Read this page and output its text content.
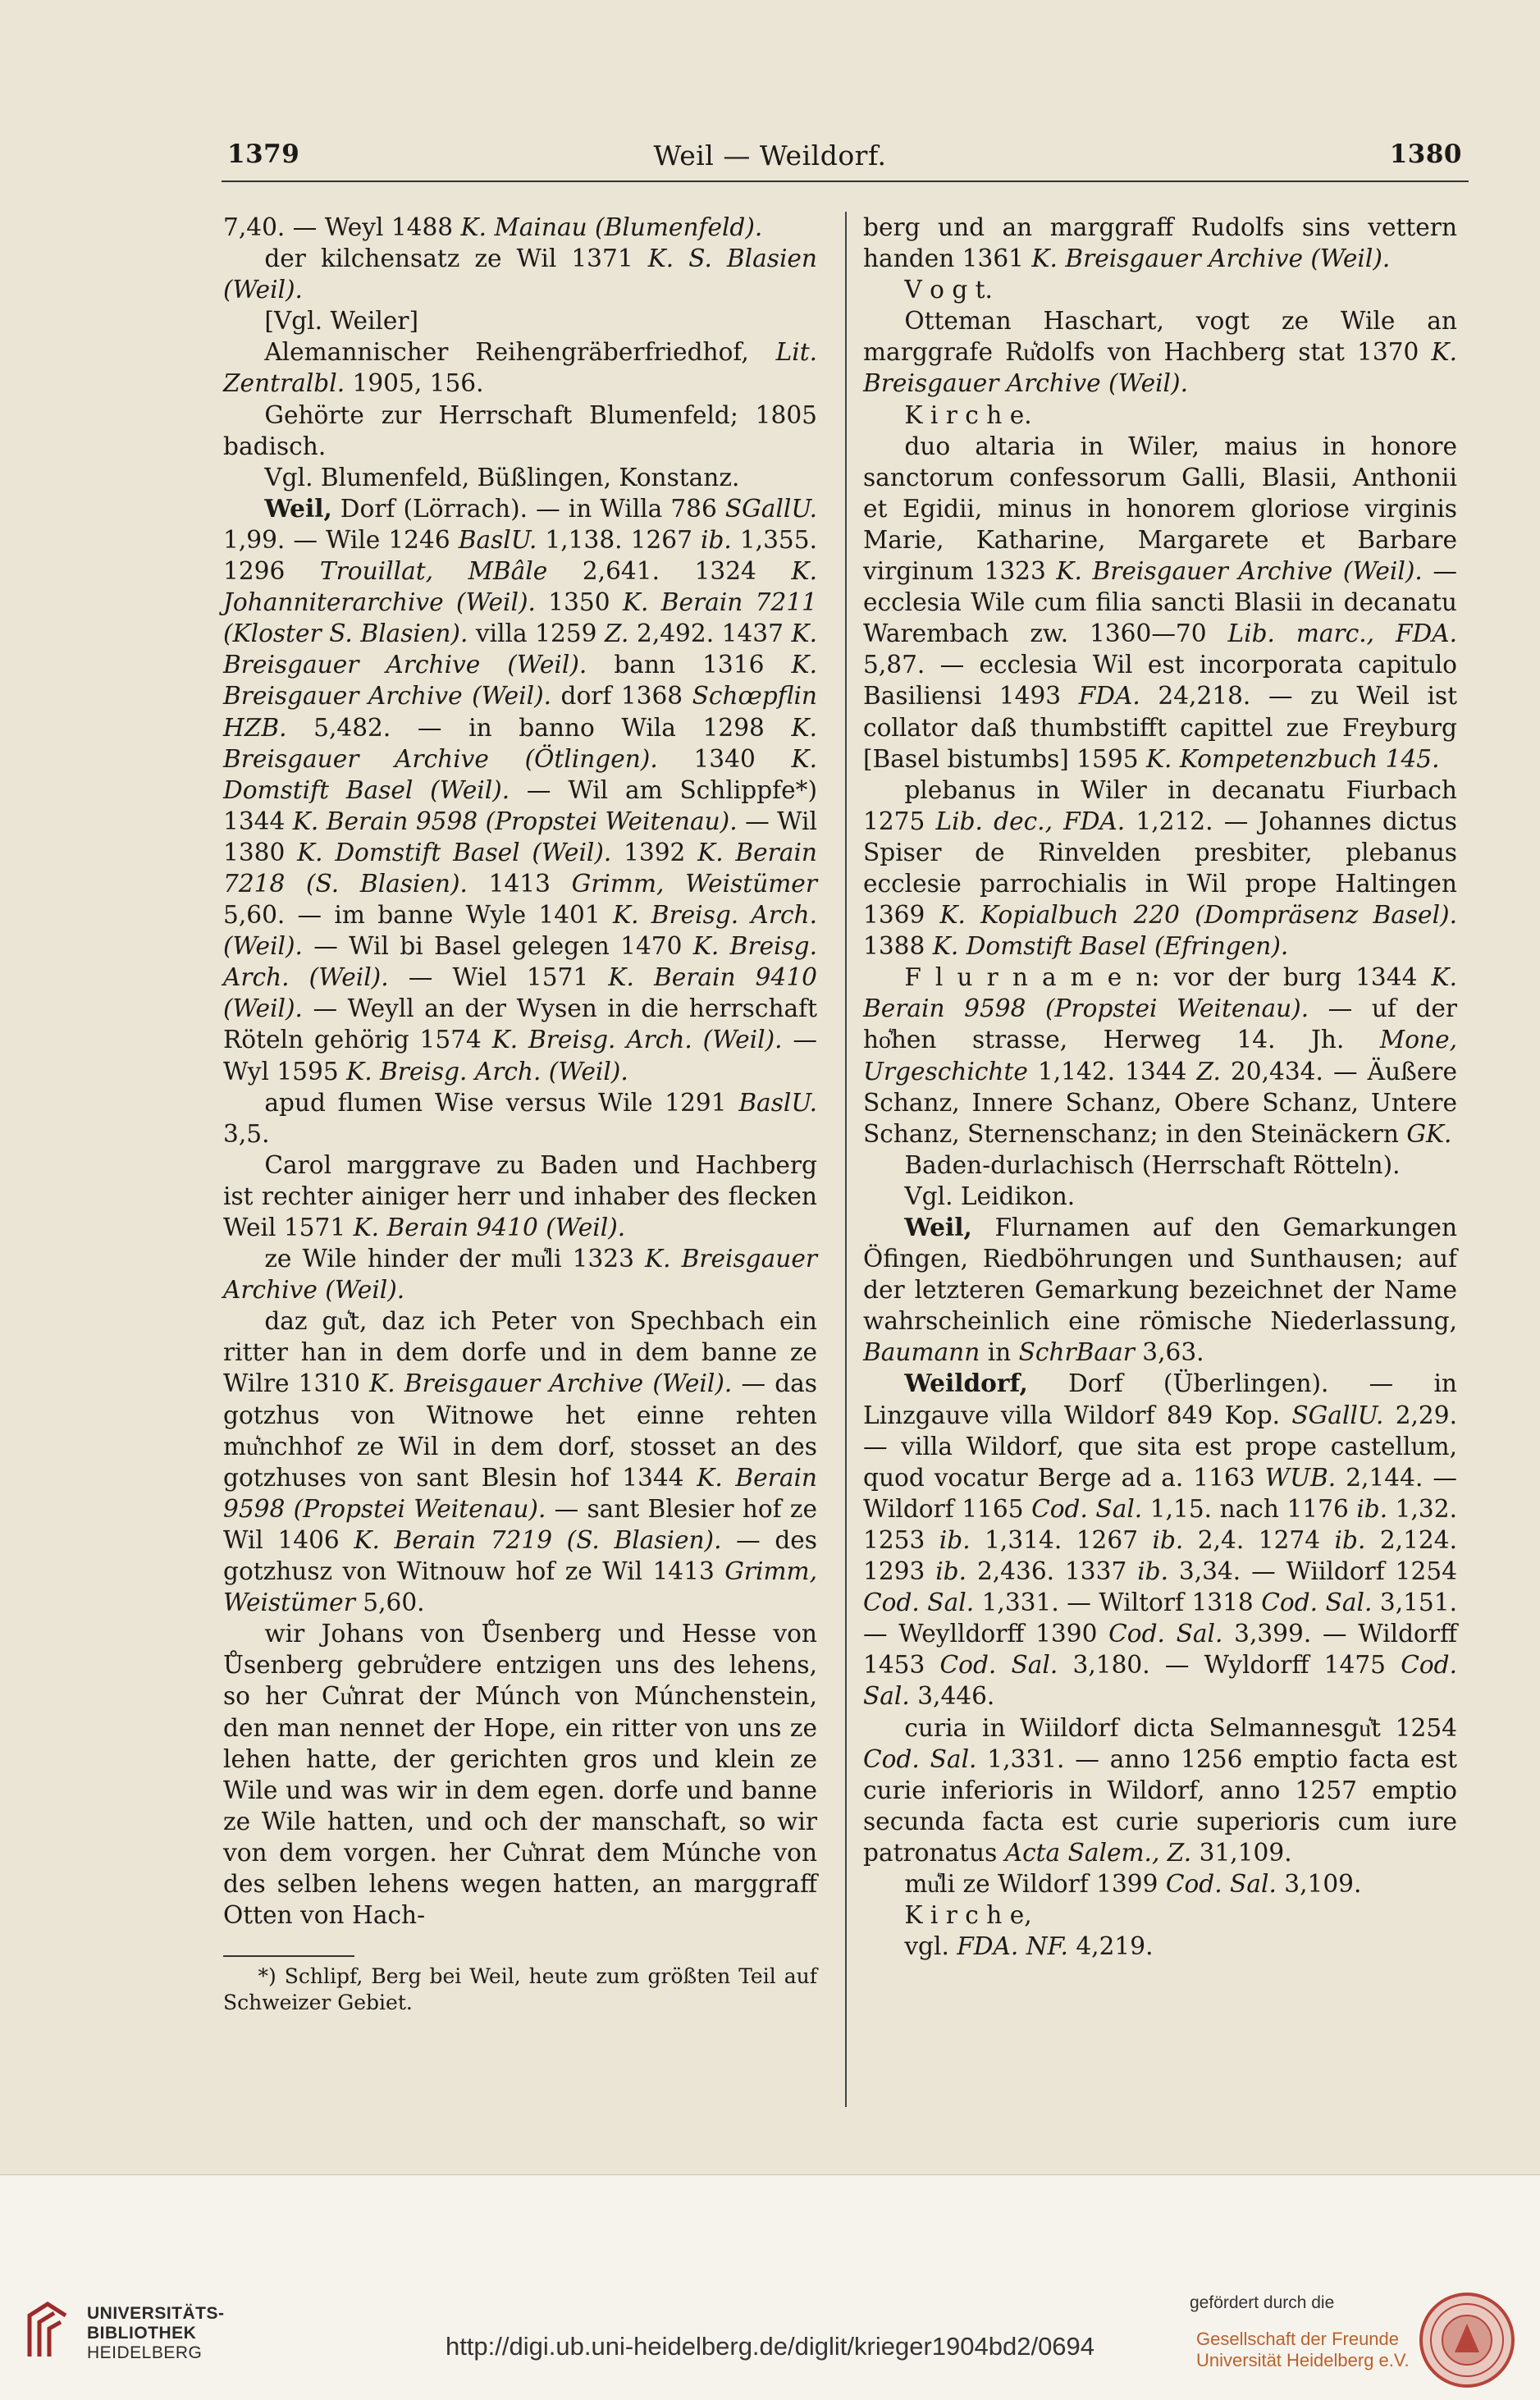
1379	Weil — Weildorf.	1380

7,40. — Weyl 1488 K. Mainau (Blumenfeld).

der kilchensatz ze Wil 1371 K. S. Blasien (Weil).

[Vgl. Weiler]

Alemannischer Reihengräberfriedhof, Lit. Zentralbl. 1905, 156.

Gehörte zur Herrschaft Blumenfeld; 1805 badisch.

Vgl. Blumenfeld, Büßlingen, Konstanz.

Weil, Dorf (Lörrach). — in Willa 786 SGallU. 1,99. — Wile 1246 BaslU. 1,138. 1267 ib. 1,355. 1296 Trouillat, MBâle 2,641. 1324 K. Johanniterarchive (Weil). 1350 K. Berain 7211 (Kloster S. Blasien). villa 1259 Z. 2,492. 1437 K. Breisgauer Archive (Weil). bann 1316 K. Breisgauer Archive (Weil). dorf 1368 Schœpflin HZB. 5,482. — in banno Wila 1298 K. Breisgauer Archive (Ötlingen). 1340 K. Domstift Basel (Weil). — Wil am Schlippfe*) 1344 K. Berain 9598 (Propstei Weitenau). — Wil 1380 K. Domstift Basel (Weil). 1392 K. Berain 7218 (S. Blasien). 1413 Grimm, Weistümer 5,60. — im banne Wyle 1401 K. Breisg. Arch. (Weil). — Wil bi Basel gelegen 1470 K. Breisg. Arch. (Weil). — Wiel 1571 K. Berain 9410 (Weil). — Weyll an der Wysen in die herrschaft Röteln gehörig 1574 K. Breisg. Arch. (Weil). — Wyl 1595 K. Breisg. Arch. (Weil).

apud flumen Wise versus Wile 1291 BaslU. 3,5.

Carol marggrave zu Baden und Hachberg ist rechter ainiger herr und inhaber des flecken Weil 1571 K. Berain 9410 (Weil).

ze Wile hinder der mu͛li 1323 K. Breisgauer Archive (Weil).

daz gu͛t, daz ich Peter von Spechbach ein ritter han in dem dorfe und in dem banne ze Wilre 1310 K. Breisgauer Archive (Weil). — das gotzhus von Witnowe het einne rehten mu͛nchhof ze Wil in dem dorf, stosset an des gotzhuses von sant Blesin hof 1344 K. Berain 9598 (Propstei Weitenau). — sant Blesier hof ze Wil 1406 K. Berain 7219 (S. Blasien). — des gotzhusz von Witnouw hof ze Wil 1413 Grimm, Weistümer 5,60.

wir Johans von Ůsenberg und Hesse von Ůsenberg gebru͛dere entzigen uns des lehens, so her Cu͛nrat der Múnch von Múnchenstein, den man nennet der Hope, ein ritter von uns ze lehen hatte, der gerichten gros und klein ze Wile und was wir in dem egen. dorfe und banne ze Wile hatten, und och der manschaft, so wir von dem vorgen. her Cu͛nrat dem Múnche von des selben lehens wegen hatten, an marggraff Otten von Hach-

*) Schlipf, Berg bei Weil, heute zum größten Teil auf Schweizer Gebiet.

berg und an marggraff Rudolfs sins vettern handen 1361 K. Breisgauer Archive (Weil).

V o g t.

Otteman Haschart, vogt ze Wile an marggrafe Ru͛dolfs von Hachberg stat 1370 K. Breisgauer Archive (Weil).

K i r c h e.

duo altaria in Wiler, maius in honore sanctorum confessorum Galli, Blasii, Anthonii et Egidii, minus in honorem gloriose virginis Marie, Katharine, Margarete et Barbare virginum 1323 K. Breisgauer Archive (Weil). — ecclesia Wile cum filia sancti Blasii in decanatu Warembach zw. 1360—70 Lib. marc., FDA. 5,87. — ecclesia Wil est incorporata capitulo Basiliensi 1493 FDA. 24,218. — zu Weil ist collator daß thumbstifft capittel zue Freyburg [Basel bistumbs] 1595 K. Kompetenzbuch 145.

plebanus in Wiler in decanatu Fiurbach 1275 Lib. dec., FDA. 1,212. — Johannes dictus Spiser de Rinvelden presbiter, plebanus ecclesie parrochialis in Wil prope Haltingen 1369 K. Kopialbuch 220 (Dompräsenz Basel). 1388 K. Domstift Basel (Efringen).

F l u r n a m e n: vor der burg 1344 K. Berain 9598 (Propstei Weitenau). — uf der ho͛hen strasse, Herweg 14. Jh. Mone, Urgeschichte 1,142. 1344 Z. 20,434. — Äußere Schanz, Innere Schanz, Obere Schanz, Untere Schanz, Sternenschanz; in den Steinäckern GK.

Baden-durlachisch (Herrschaft Rötteln).

Vgl. Leidikon.

Weil, Flurnamen auf den Gemarkungen Öfingen, Riedböhrungen und Sunthausen; auf der letzteren Gemarkung bezeichnet der Name wahrscheinlich eine römische Niederlassung, Baumann in SchrBaar 3,63.

Weildorf, Dorf (Überlingen). — in Linzgauve villa Wildorf 849 Kop. SGallU. 2,29. — villa Wildorf, que sita est prope castellum, quod vocatur Berge ad a. 1163 WUB. 2,144. — Wildorf 1165 Cod. Sal. 1,15. nach 1176 ib. 1,32. 1253 ib. 1,314. 1267 ib. 2,4. 1274 ib. 2,124. 1293 ib. 2,436. 1337 ib. 3,34. — Wiildorf 1254 Cod. Sal. 1,331. — Wiltorf 1318 Cod. Sal. 3,151. — Weylldorff 1390 Cod. Sal. 3,399. — Wildorff 1453 Cod. Sal. 3,180. — Wyldorff 1475 Cod. Sal. 3,446.

curia in Wiildorf dicta Selmannesgu͛t 1254 Cod. Sal. 1,331. — anno 1256 emptio facta est curie inferioris in Wildorf, anno 1257 emptio secunda facta est curie superioris cum iure patronatus Acta Salem., Z. 31,109.

mu͛li ze Wildorf 1399 Cod. Sal. 3,109.

K i r c h e,

vgl. FDA. NF. 4,219.

UNIVERSITÄTS-
BIBLIOTHEK
HEIDELBERG	http://digi.ub.uni-heidelberg.de/diglit/krieger1904bd2/0694
gefördert durch die
Gesellschaft der Freunde
Universität Heidelberg e.V.
